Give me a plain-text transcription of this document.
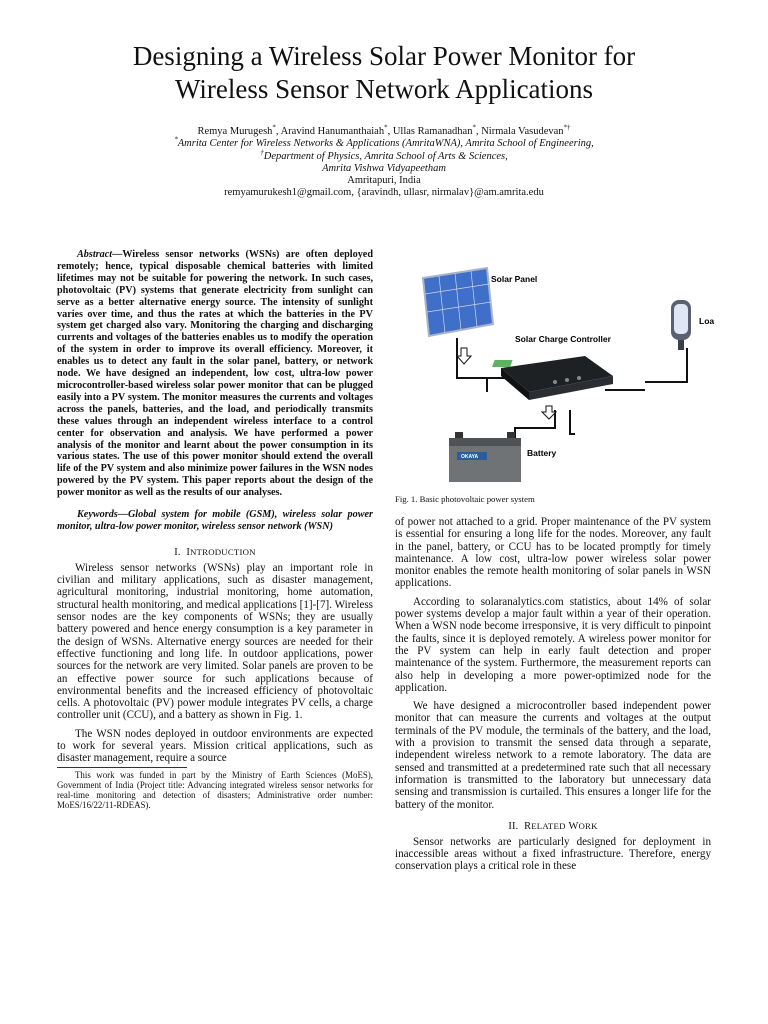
Designing a Wireless Solar Power Monitor for
Wireless Sensor Network Applications
Remya Murugesh*, Aravind Hanumanthaiah*, Ullas Ramanadhan*, Nirmala Vasudevan*†
*Amrita Center for Wireless Networks & Applications (AmritaWNA), Amrita School of Engineering,
†Department of Physics, Amrita School of Arts & Sciences,
Amrita Vishwa Vidyapeetham
Amritapuri, India
remyamurukesh1@gmail.com, {aravindh, ullasr, nirmalav}@am.amrita.edu

Abstract—Wireless sensor networks (WSNs) are often deployed remotely; hence, typical disposable chemical batteries with limited lifetimes may not be suitable for powering the network. In such cases, photovoltaic (PV) systems that generate electricity from sunlight can serve as a better alternative energy source. The intensity of sunlight varies over time, and thus the rates at which the batteries in the PV system get charged also vary. Monitoring the charging and discharging currents and voltages of the batteries enables us to modify the operation of the system in order to improve its overall efficiency. Moreover, it enables us to detect any fault in the solar panel, battery, or network node. We have designed an independent, low cost, ultra-low power microcontroller-based wireless solar power monitor that can be plugged easily into a PV system. The monitor measures the currents and voltages across the panels, batteries, and the load, and periodically transmits these values through an independent wireless interface to a control center for observation and analysis. We have performed a power analysis of the monitor and learnt about the power consumption in its various states. The use of this power monitor should extend the overall life of the PV system and also minimize power failures in the WSN nodes powered by the PV system. This paper reports about the design of the power monitor as well as the results of our analyses.

Keywords—Global system for mobile (GSM), wireless solar power monitor, ultra-low power monitor, wireless sensor network (WSN)

I. INTRODUCTION

Wireless sensor networks (WSNs) play an important role in civilian and military applications, such as disaster management, agricultural monitoring, industrial monitoring, home automation, structural health monitoring, and medical applications [1]-[7]. Wireless sensor nodes are the key components of WSNs; they are usually battery powered and hence energy consumption is a key parameter in the design of WSNs. Alternative energy sources are needed for their effective functioning and long life. In outdoor applications, power sources for the network are very limited. Solar panels are proven to be an effective power source for such applications because of environmental benefits and the increased efficiency of photovoltaic cells. A photovoltaic (PV) power module integrates PV cells, a charge controller unit (CCU), and a battery as shown in Fig. 1.

The WSN nodes deployed in outdoor environments are expected to work for several years. Mission critical applications, such as disaster management, require a source

This work was funded in part by the Ministry of Earth Sciences (MoES), Government of India (Project title: Advancing integrated wireless sensor networks for real-time monitoring and detection of disasters; Administrative order number: MoES/16/22/11-RDEAS).

Solar Panel
Solar Charge Controller
Loa
OKAYA	Battery
Fig. 1. Basic photovoltaic power system

of power not attached to a grid. Proper maintenance of the PV system is essential for ensuring a long life for the nodes. Moreover, any fault in the panel, battery, or CCU has to be located promptly for timely maintenance. A low cost, ultra-low power wireless solar power monitor enables the remote health monitoring of solar panels in WSN applications.

According to solaranalytics.com statistics, about 14% of solar power systems develop a major fault within a year of their operation. When a WSN node become irresponsive, it is very difficult to pinpoint the faults, since it is deployed remotely. A wireless power monitor for the PV system can help in early fault detection and proper maintenance of the system. Furthermore, the measurement reports can also help in developing a more power-optimized node for the application.

We have designed a microcontroller based independent power monitor that can measure the currents and voltages at the output terminals of the PV module, the terminals of the battery, and the load, with a provision to transmit the sensed data through a separate, independent wireless network to a remote laboratory. The data are sensed and transmitted at a predetermined rate such that all necessary information is transmitted to the laboratory but unnecessary data sensing and transmission is curtailed. This ensures a longer life for the battery of the monitor.

II. RELATED WORK

Sensor networks are particularly designed for deployment in inaccessible areas without a fixed infrastructure. Therefore, energy conservation plays a critical role in these
